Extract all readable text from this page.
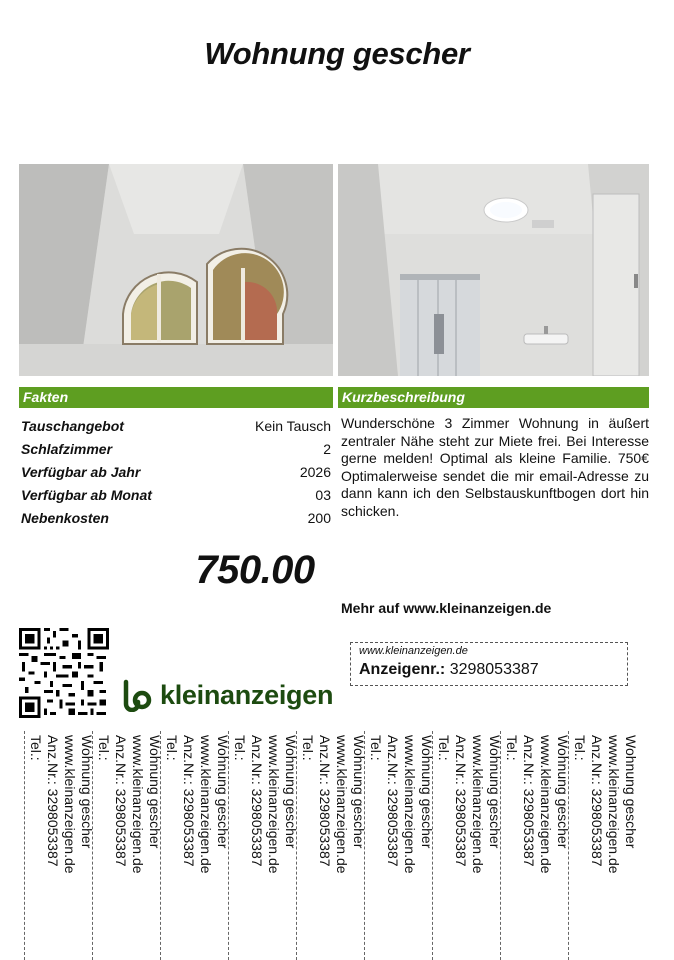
Wohnung gescher
Fakten	Kurzbeschreibung
Tauschangebot	Kein Tausch
Schlafzimmer	2
Verfügbar ab Jahr	2026
Verfügbar ab Monat	03
Nebenkosten	200

Wunderschöne 3 Zimmer Wohnung in äußert zentraler Nähe steht zur Miete frei. Bei Interesse gerne melden! Optimal als kleine Familie. 750€ Optimalerweise sendet die mir email-Adresse zu dann kann ich den Selbstauskunftbogen dort hin schicken.

750.00
Mehr auf www.kleinanzeigen.de
kleinanzeigen
www.kleinanzeigen.de
Anzeigenr.: 3298053387
Wohnung gescher
www.kleinanzeigen.de
Anz.Nr.: 3298053387
Tel.:	Wohnung gescher
www.kleinanzeigen.de
Anz.Nr.: 3298053387
Tel.:	Wohnung gescher
www.kleinanzeigen.de
Anz.Nr.: 3298053387
Tel.:	Wohnung gescher
www.kleinanzeigen.de
Anz.Nr.: 3298053387
Tel.:	Wohnung gescher
www.kleinanzeigen.de
Anz.Nr.: 3298053387
Tel.:	Wohnung gescher
www.kleinanzeigen.de
Anz.Nr.: 3298053387
Tel.:	Wohnung gescher
www.kleinanzeigen.de
Anz.Nr.: 3298053387
Tel.:	Wohnung gescher
www.kleinanzeigen.de
Anz.Nr.: 3298053387
Tel.:	Wohnung gescher
www.kleinanzeigen.de
Anz.Nr.: 3298053387
Tel.:
